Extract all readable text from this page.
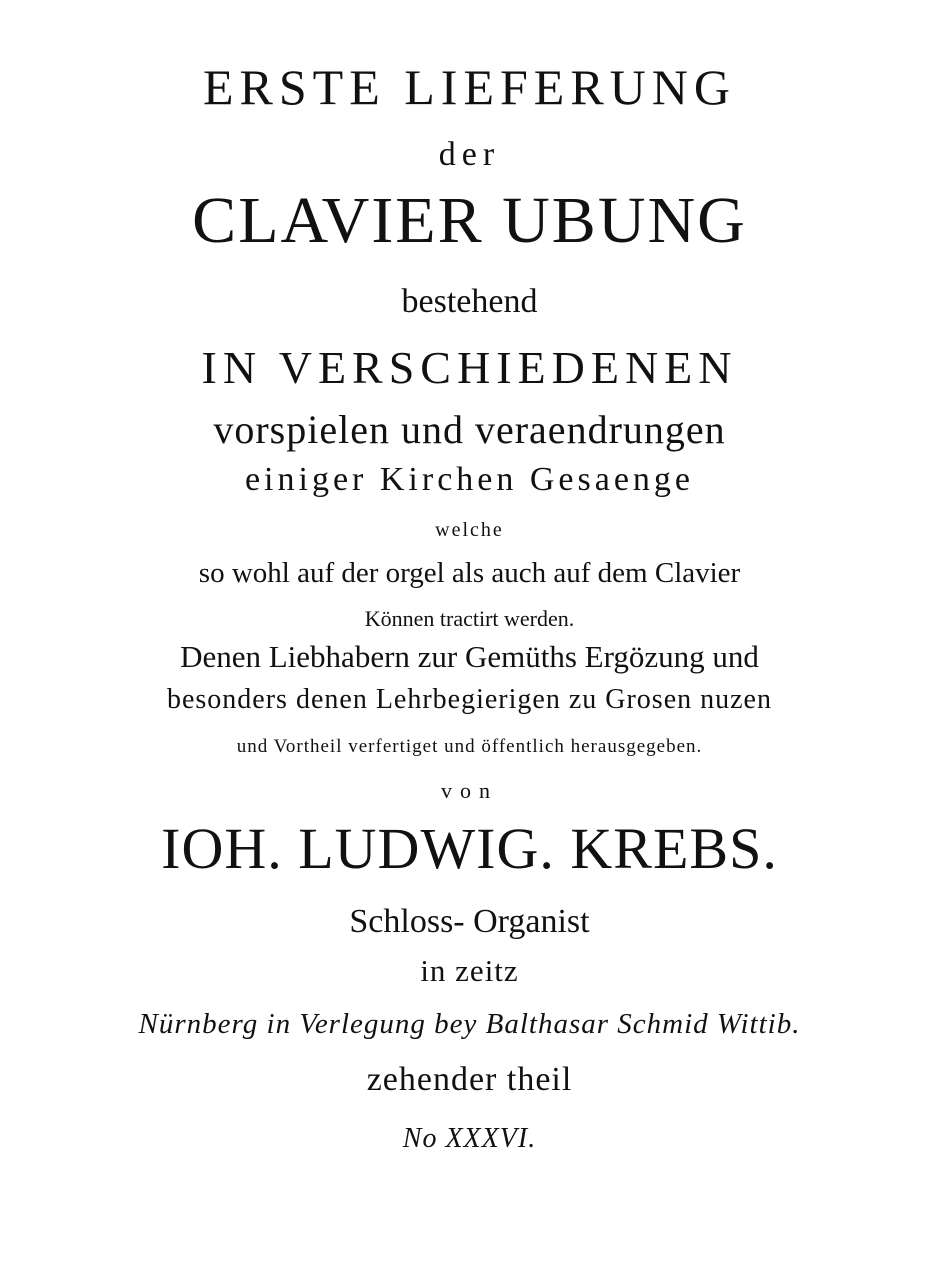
ERSTE LIEFERUNG
der
CLAVIER UBUNG
bestehend
IN VERSCHIEDENEN
vorspielen und veraendrungen
einiger Kirchen Gesaenge
welche
so wohl auf der orgel als auch auf dem Clavier
Können tractirt werden.
Denen Liebhabern zur Gemüths Ergözung und
besonders denen Lehrbegierigen zu Grosen nuzen
und Vortheil verfertiget und öffentlich herausgegeben.
von
IOH. LUDWIG. KREBS.
Schloss- Organist
in zeitz
Nürnberg in Verlegung bey Balthasar Schmid Wittib.
zehender theil
No XXXVI.
